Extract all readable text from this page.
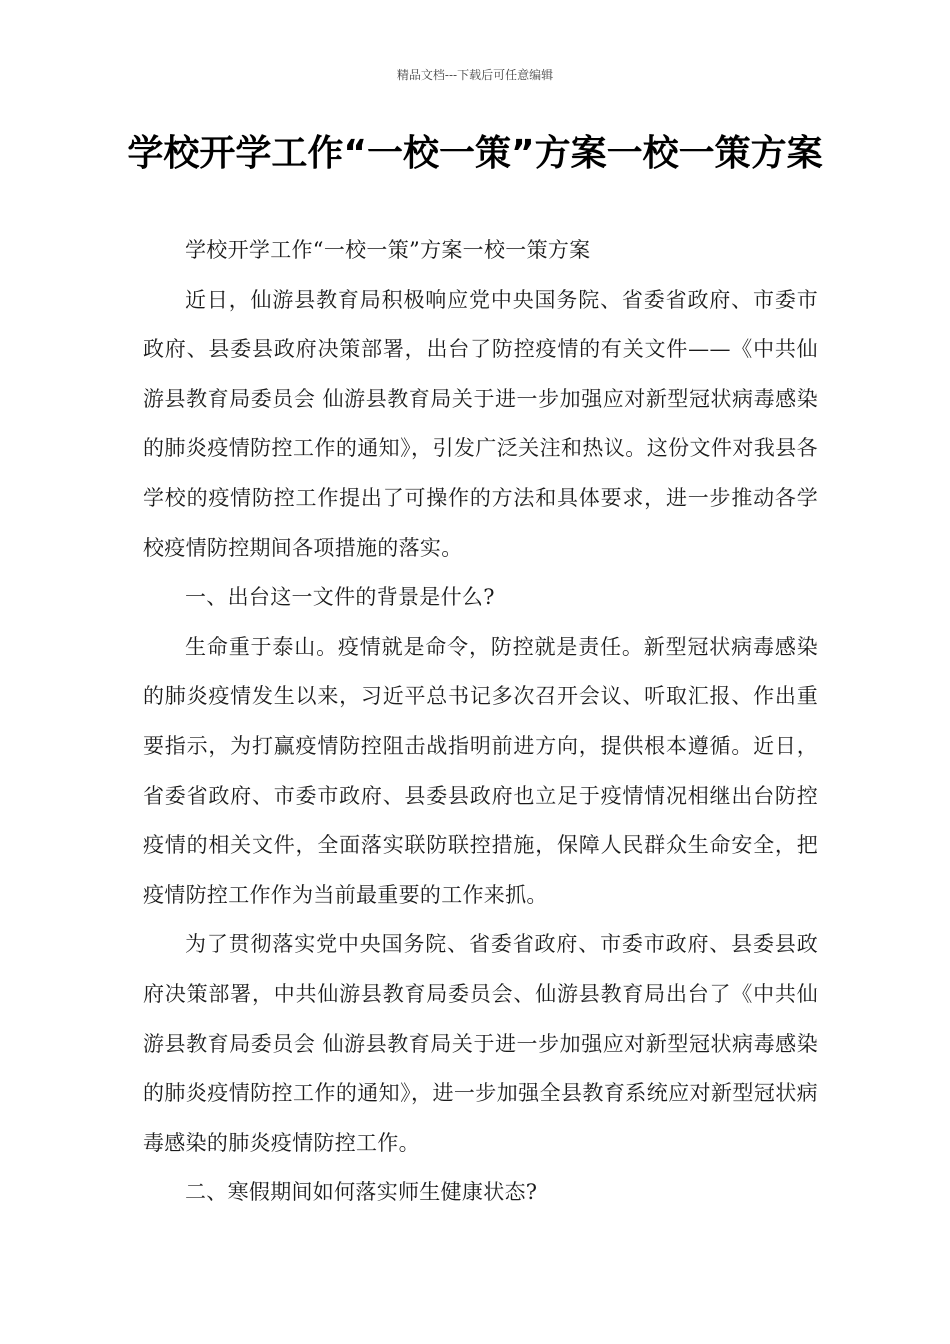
精品文档---下载后可任意编辑
学校开学工作“一校一策”方案一校一策方案

学校开学工作“一校一策”方案一校一策方案

近日，仙游县教育局积极响应党中央国务院、省委省政府、市委市政府、县委县政府决策部署，出台了防控疫情的有关文件——《中共仙游县教育局委员会 仙游县教育局关于进一步加强应对新型冠状病毒感染的肺炎疫情防控工作的通知》，引发广泛关注和热议。这份文件对我县各学校的疫情防控工作提出了可操作的方法和具体要求，进一步推动各学校疫情防控期间各项措施的落实。

一、出台这一文件的背景是什么?

生命重于泰山。疫情就是命令，防控就是责任。新型冠状病毒感染的肺炎疫情发生以来，习近平总书记多次召开会议、听取汇报、作出重要指示，为打赢疫情防控阻击战指明前进方向，提供根本遵循。近日，省委省政府、市委市政府、县委县政府也立足于疫情情况相继出台防控疫情的相关文件，全面落实联防联控措施，保障人民群众生命安全，把疫情防控工作作为当前最重要的工作来抓。

为了贯彻落实党中央国务院、省委省政府、市委市政府、县委县政府决策部署，中共仙游县教育局委员会、仙游县教育局出台了《中共仙游县教育局委员会 仙游县教育局关于进一步加强应对新型冠状病毒感染的肺炎疫情防控工作的通知》，进一步加强全县教育系统应对新型冠状病毒感染的肺炎疫情防控工作。

二、寒假期间如何落实师生健康状态?
